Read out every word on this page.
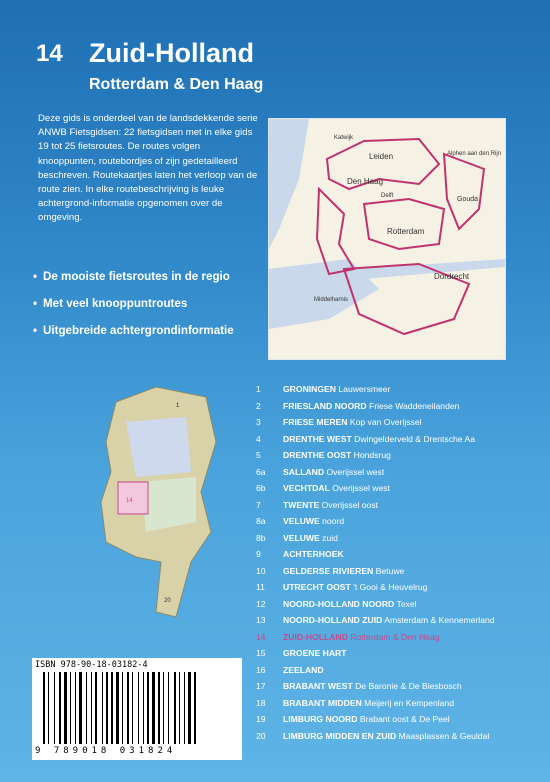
14 Zuid-Holland
Rotterdam & Den Haag
Deze gids is onderdeel van de landsdekkende serie ANWB Fietsgidsen: 22 fietsgidsen met in elke gids 19 tot 25 fietsroutes. De routes volgen knooppunten, routebordjes of zijn gedetailleerd beschreven. Routekaartjes laten het verloop van de route zien. In elke routebeschrijving is leuke achtergrond-informatie opgenomen over de omgeving.
• De mooiste fietsroutes in de regio
• Met veel knooppuntroutes
• Uitgebreide achtergrondinformatie
Katwijk
Leiden	Alphen aan den Rijn
Den Haag
Delft	Gouda
Rotterdam
Dordrecht
Middelharnis
1
14
20
1	GRONINGEN Lauwersmeer
2	FRIESLAND NOORD Friese Waddeneilanden
3	FRIESE MEREN Kop van Overijssel
4	DRENTHE WEST Dwingelderveld & Drentsche Aa
5	DRENTHE OOST Hondsrug
6a SALLAND Overijssel west
6b VECHTDAL Overijssel west
7	TWENTE Overijssel oost
8a VELUWE noord
8b VELUWE zuid
9	ACHTERHOEK
10 GELDERSE RIVIEREN Betuwe
11 UTRECHT OOST 't Gooi & Heuvelrug
12 NOORD-HOLLAND NOORD Texel
13 NOORD-HOLLAND ZUID Amsterdam & Kennemerland
14 ZUID-HOLLAND Rotterdam & Den Haag
15 GROENE HART
16 ZEELAND
17 BRABANT WEST De Baronie & De Biesbosch
18 BRABANT MIDDEN Meijerij en Kempenland
19 LIMBURG NOORD Brabant oost & De Peel
20 LIMBURG MIDDEN EN ZUID Maasplassen & Geuldal
ISBN 978-90-18-03182-4
9 789018 031824
